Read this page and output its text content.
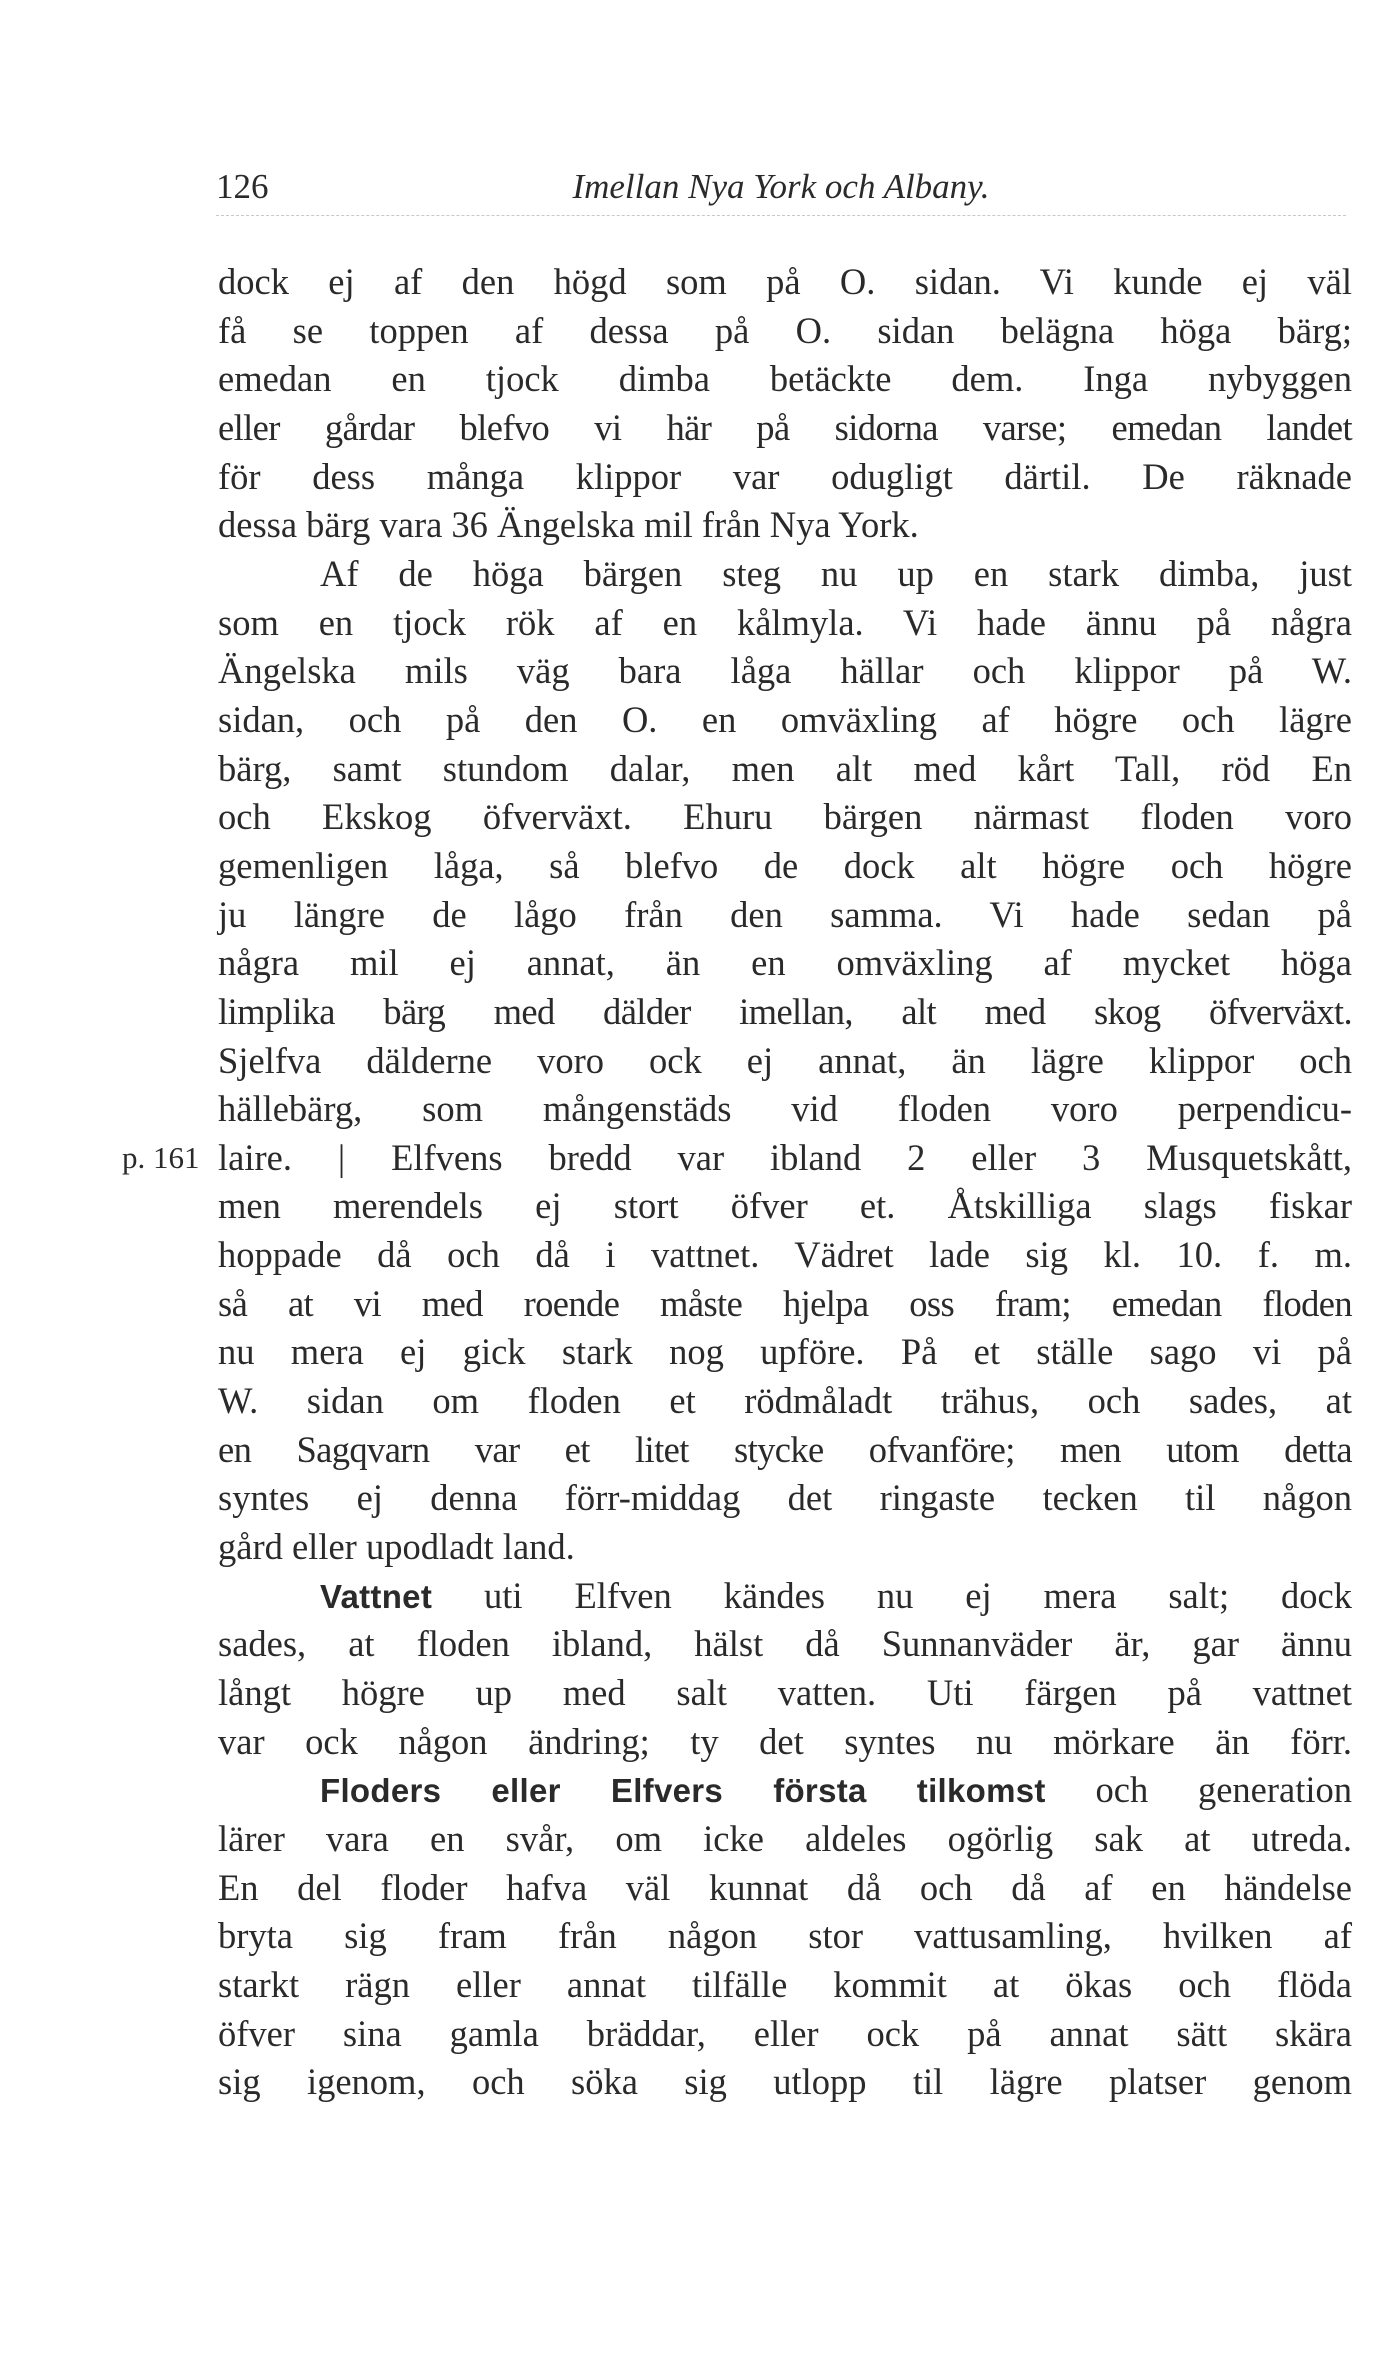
126	Imellan Nya York och Albany.
p. 161
dock ej af den högd som på O. sidan. Vi kunde ej väl
få se toppen af dessa på O. sidan belägna höga bärg;
emedan en tjock dimba betäckte dem. Inga nybyggen
eller gårdar blefvo vi här på sidorna varse; emedan landet
för dess många klippor var odugligt därtil. De räknade
dessa bärg vara 36 Ängelska mil från Nya York.
Af de höga bärgen steg nu up en stark dimba, just
som en tjock rök af en kålmyla. Vi hade ännu på några
Ängelska mils väg bara låga hällar och klippor på W.
sidan, och på den O. en omväxling af högre och lägre
bärg, samt stundom dalar, men alt med kårt Tall, röd En
och Ekskog öfverväxt. Ehuru bärgen närmast floden voro
gemenligen låga, så blefvo de dock alt högre och högre
ju längre de lågo från den samma. Vi hade sedan på
några mil ej annat, än en omväxling af mycket höga
limplika bärg med dälder imellan, alt med skog öfverväxt.
Sjelfva dälderne voro ock ej annat, än lägre klippor och
hällebärg, som mångenstäds vid floden voro perpendicu-
laire. | Elfvens bredd var ibland 2 eller 3 Musquetskått,
men merendels ej stort öfver et. Åtskilliga slags fiskar
hoppade då och då i vattnet. Vädret lade sig kl. 10. f. m.
så at vi med roende måste hjelpa oss fram; emedan floden
nu mera ej gick stark nog upföre. På et ställe sago vi på
W. sidan om floden et rödmåladt trähus, och sades, at
en Sagqvarn var et litet stycke ofvanföre; men utom detta
syntes ej denna förr-middag det ringaste tecken til någon
gård eller upodladt land.
Vattnet uti Elfven kändes nu ej mera salt; dock
sades, at floden ibland, hälst då Sunnanväder är, gar ännu
långt högre up med salt vatten. Uti färgen på vattnet
var ock någon ändring; ty det syntes nu mörkare än förr.
Floders eller Elfvers första tilkomst och generation
lärer vara en svår, om icke aldeles ogörlig sak at utreda.
En del floder hafva väl kunnat då och då af en händelse
bryta sig fram från någon stor vattusamling, hvilken af
starkt rägn eller annat tilfälle kommit at ökas och flöda
öfver sina gamla bräddar, eller ock på annat sätt skära
sig igenom, och söka sig utlopp til lägre platser genom
